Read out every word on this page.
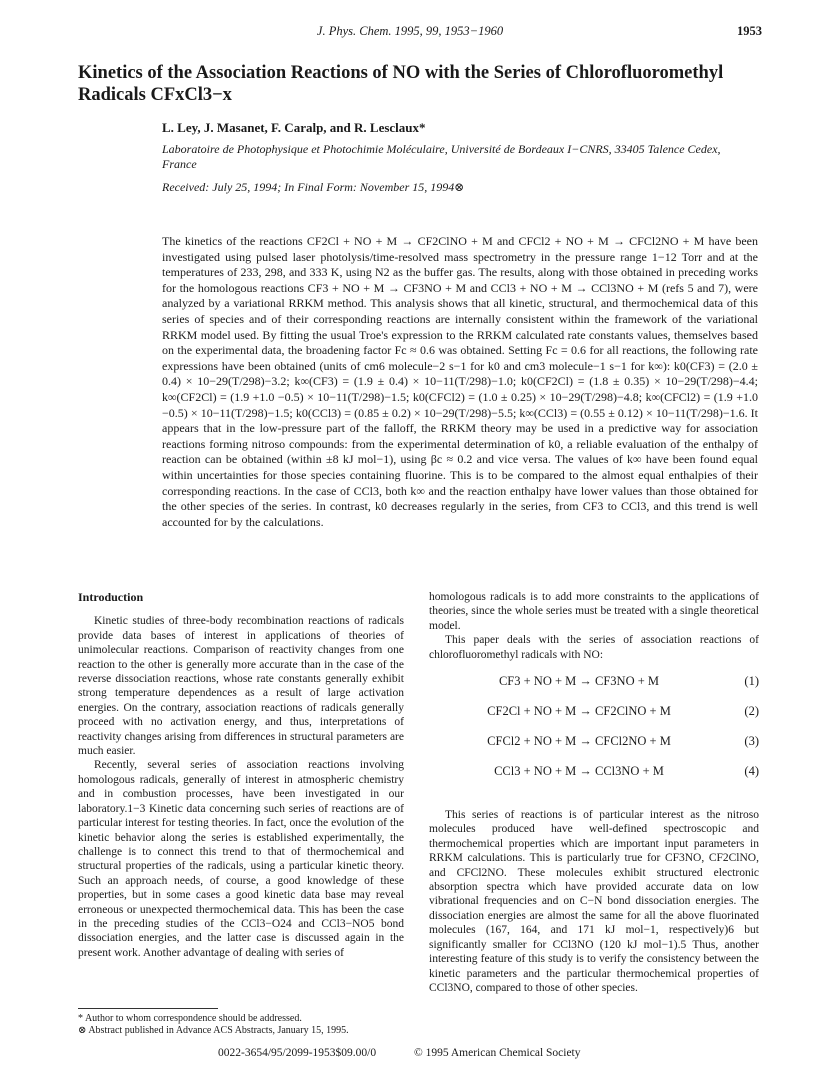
J. Phys. Chem. 1995, 99, 1953−1960	1953
Kinetics of the Association Reactions of NO with the Series of Chlorofluoromethyl Radicals CFxCl3−x
L. Ley, J. Masanet, F. Caralp, and R. Lesclaux*
Laboratoire de Photophysique et Photochimie Moléculaire, Université de Bordeaux I−CNRS, 33405 Talence Cedex, France
Received: July 25, 1994; In Final Form: November 15, 1994⊗

The kinetics of the reactions CF2Cl + NO + M → CF2ClNO + M and CFCl2 + NO + M → CFCl2NO + M have been investigated using pulsed laser photolysis/time-resolved mass spectrometry in the pressure range 1−12 Torr and at the temperatures of 233, 298, and 333 K, using N2 as the buffer gas. The results, along with those obtained in preceding works for the homologous reactions CF3 + NO + M → CF3NO + M and CCl3 + NO + M → CCl3NO + M (refs 5 and 7), were analyzed by a variational RRKM method. This analysis shows that all kinetic, structural, and thermochemical data of this series of species and of their corresponding reactions are internally consistent within the framework of the variational RRKM model used. By fitting the usual Troe's expression to the RRKM calculated rate constants values, themselves based on the experimental data, the broadening factor Fc ≈ 0.6 was obtained. Setting Fc = 0.6 for all reactions, the following rate expressions have been obtained (units of cm6 molecule−2 s−1 for k0 and cm3 molecule−1 s−1 for k∞): k0(CF3) = (2.0 ± 0.4) × 10−29(T/298)−3.2; k∞(CF3) = (1.9 ± 0.4) × 10−11(T/298)−1.0; k0(CF2Cl) = (1.8 ± 0.35) × 10−29(T/298)−4.4; k∞(CF2Cl) = (1.9 +1.0 −0.5) × 10−11(T/298)−1.5; k0(CFCl2) = (1.0 ± 0.25) × 10−29(T/298)−4.8; k∞(CFCl2) = (1.9 +1.0 −0.5) × 10−11(T/298)−1.5; k0(CCl3) = (0.85 ± 0.2) × 10−29(T/298)−5.5; k∞(CCl3) = (0.55 ± 0.12) × 10−11(T/298)−1.6. It appears that in the low-pressure part of the falloff, the RRKM theory may be used in a predictive way for association reactions forming nitroso compounds: from the experimental determination of k0, a reliable evaluation of the enthalpy of reaction can be obtained (within ±8 kJ mol−1), using βc ≈ 0.2 and vice versa. The values of k∞ have been found equal within uncertainties for those species containing fluorine. This is to be compared to the almost equal enthalpies of their corresponding reactions. In the case of CCl3, both k∞ and the reaction enthalpy have lower values than those obtained for the other species of the series. In contrast, k0 decreases regularly in the series, from CF3 to CCl3, and this trend is well accounted for by the calculations.

Introduction

Kinetic studies of three-body recombination reactions of radicals provide data bases of interest in applications of theories of unimolecular reactions. Comparison of reactivity changes from one reaction to the other is generally more accurate than in the case of the reverse dissociation reactions, whose rate constants generally exhibit strong temperature dependences as a result of large activation energies. On the contrary, association reactions of radicals generally proceed with no activation energy, and thus, interpretations of reactivity changes arising from differences in structural parameters are much easier.

Recently, several series of association reactions involving homologous radicals, generally of interest in atmospheric chemistry and in combustion processes, have been investigated in our laboratory.1−3 Kinetic data concerning such series of reactions are of particular interest for testing theories. In fact, once the evolution of the kinetic behavior along the series is established experimentally, the challenge is to connect this trend to that of thermochemical and structural properties of the radicals, using a particular kinetic theory. Such an approach needs, of course, a good knowledge of these properties, but in some cases a good kinetic data base may reveal erroneous or unexpected thermochemical data. This has been the case in the preceding studies of the CCl3−O24 and CCl3−NO5 bond dissociation energies, and the latter case is discussed again in the present work. Another advantage of dealing with series of

homologous radicals is to add more constraints to the applications of theories, since the whole series must be treated with a single theoretical model.

This paper deals with the series of association reactions of chlorofluoromethyl radicals with NO:

CF3 + NO + M → CF3NO + M	(1)
CF2Cl + NO + M → CF2ClNO + M	(2)
CFCl2 + NO + M → CFCl2NO + M	(3)
CCl3 + NO + M → CCl3NO + M	(4)

This series of reactions is of particular interest as the nitroso molecules produced have well-defined spectroscopic and thermochemical properties which are important input parameters in RRKM calculations. This is particularly true for CF3NO, CF2ClNO, and CFCl2NO. These molecules exhibit structured electronic absorption spectra which have provided accurate data on low vibrational frequencies and on C−N bond dissociation energies. The dissociation energies are almost the same for all the above fluorinated molecules (167, 164, and 171 kJ mol−1, respectively)6 but significantly smaller for CCl3NO (120 kJ mol−1).5 Thus, another interesting feature of this study is to verify the consistency between the kinetic parameters and the particular thermochemical properties of CCl3NO, compared to those of other species.

* Author to whom correspondence should be addressed.
⊗ Abstract published in Advance ACS Abstracts, January 15, 1995.
0022-3654/95/2099-1953$09.00/0	© 1995 American Chemical Society
